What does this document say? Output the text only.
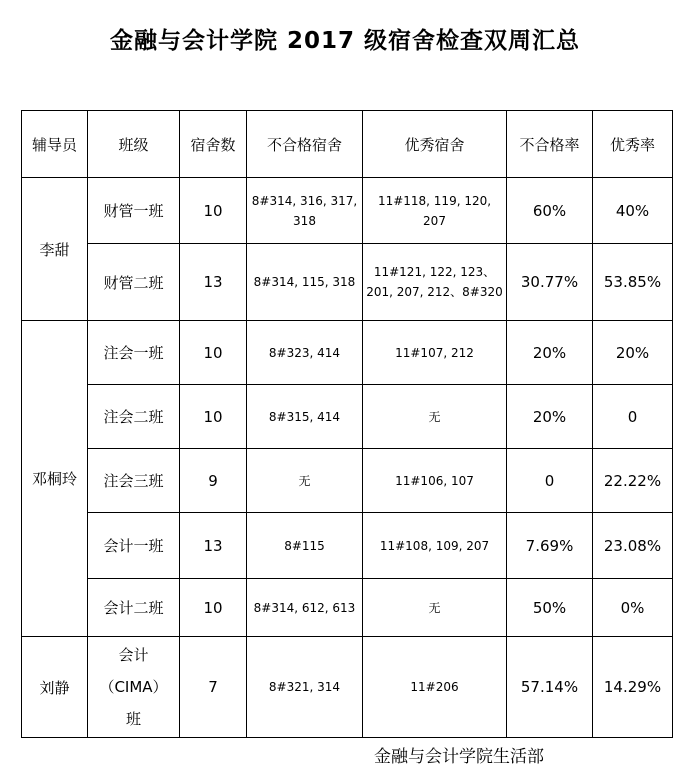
金融与会计学院 2017 级宿舍检查双周汇总
辅导员	班级	宿舍数	不合格宿舍	优秀宿舍	不合格率	优秀率
李甜	财管一班	10	8#314, 316, 317, 318	11#118, 119, 120, 207	60%	40%
	财管二班	13	8#314, 115, 318	11#121, 122, 123、201, 207, 212、8#320	30.77%	53.85%
邓桐玲	注会一班	10	8#323, 414	11#107, 212	20%	20%
	注会二班	10	8#315, 414	无	20%	0
	注会三班	9	无	11#106, 107	0	22.22%
	会计一班	13	8#115	11#108, 109, 207	7.69%	23.08%
	会计二班	10	8#314, 612, 613	无	50%	0%
刘静	会计（CIMA）班	7	8#321, 314	11#206	57.14%	14.29%
金融与会计学院生活部
